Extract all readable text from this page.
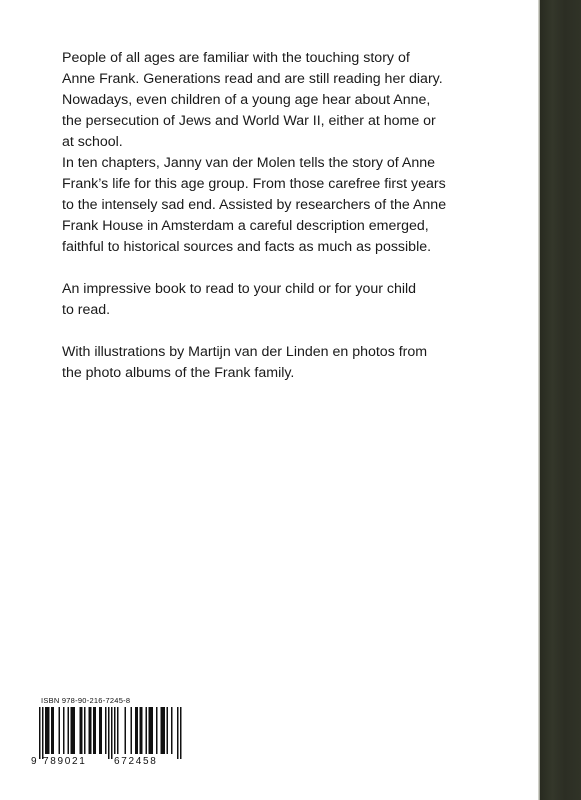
People of all ages are familiar with the touching story of
Anne Frank. Generations read and are still reading her diary.
Nowadays, even children of a young age hear about Anne,
the persecution of Jews and World War II, either at home or
at school.
In ten chapters, Janny van der Molen tells the story of Anne
Frank’s life for this age group. From those carefree first years
to the intensely sad end. Assisted by researchers of the Anne
Frank House in Amsterdam a careful description emerged,
faithful to historical sources and facts as much as possible.
An impressive book to read to your child or for your child
to read.
With illustrations by Martijn van der Linden en photos from
the photo albums of the Frank family.
ISBN 978-90-216-7245-8
9 789021	672458
